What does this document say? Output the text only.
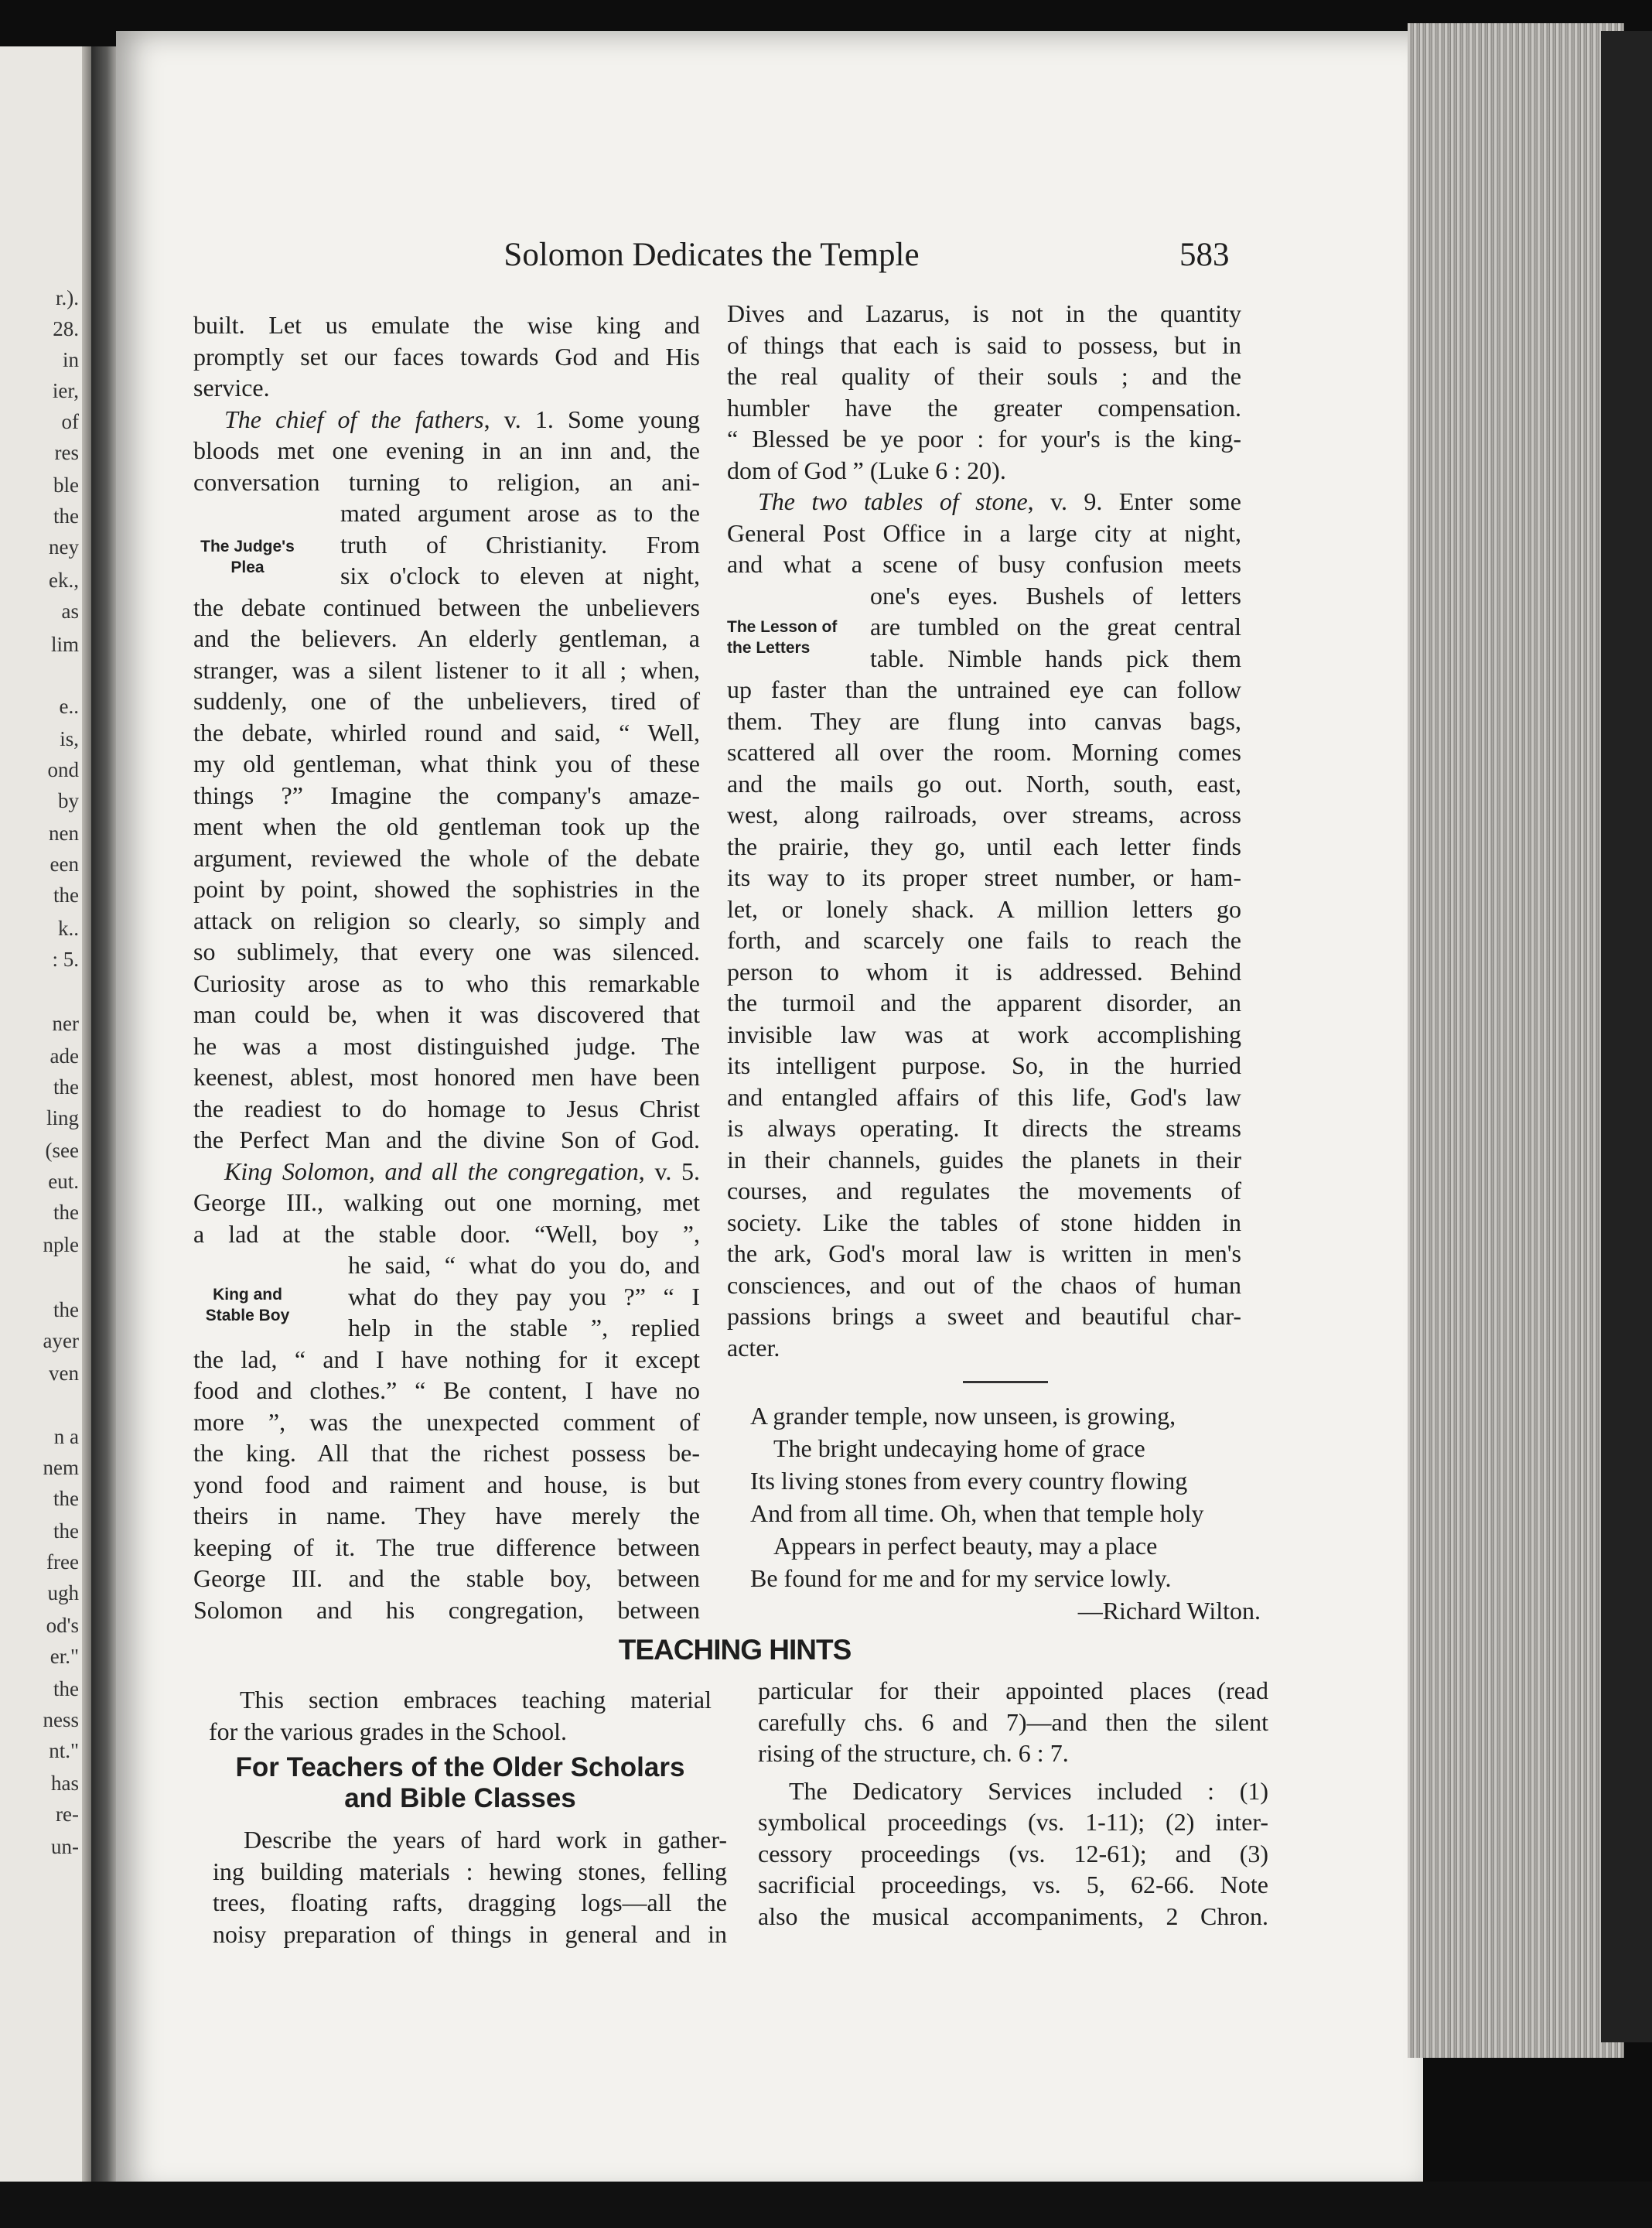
r.).
28.
in
ier,
of
res
ble
the
ney
ek.,
as
lim
e..
is,
ond
by
nen
een
the
k..
: 5.
ner
ade
the
ling
(see
eut.
the
nple
the
ayer
ven
n a
nem
the
the
free
ugh
od's
er."
the
ness
nt."
has
re-
un-
Solomon Dedicates the Temple	583
built. Let us emulate the wise king and
promptly set our faces towards God and His
service.
The chief of the fathers, v. 1. Some young
bloods met one evening in an inn and, the
conversation turning to religion, an ani-
mated argument arose as to the
truth of Christianity. From
six o'clock to eleven at night,
the debate continued between the unbelievers
and the believers. An elderly gentleman, a
stranger, was a silent listener to it all ; when,
suddenly, one of the unbelievers, tired of
the debate, whirled round and said, “ Well,
my old gentleman, what think you of these
things ?” Imagine the company's amaze-
ment when the old gentleman took up the
argument, reviewed the whole of the debate
point by point, showed the sophistries in the
attack on religion so clearly, so simply and
so sublimely, that every one was silenced.
Curiosity arose as to who this remarkable
man could be, when it was discovered that
he was a most distinguished judge. The
keenest, ablest, most honored men have been
the readiest to do homage to Jesus Christ
the Perfect Man and the divine Son of God.
King Solomon, and all the congregation, v. 5.
George III., walking out one morning, met
a lad at the stable door. “Well, boy ”,
he said, “ what do you do, and
what do they pay you ?” “ I
help in the stable ”, replied
the lad, “ and I have nothing for it except
food and clothes.” “ Be content, I have no
more ”, was the unexpected comment of
the king. All that the richest possess be-
yond food and raiment and house, is but
theirs in name. They have merely the
keeping of it. The true difference between
George III. and the stable boy, between
Solomon and his congregation, between
The Judge's
Plea
King and
Stable Boy
Dives and Lazarus, is not in the quantity
of things that each is said to possess, but in
the real quality of their souls ; and the
humbler have the greater compensation.
“ Blessed be ye poor : for your's is the king-
dom of God ” (Luke 6 : 20).
The two tables of stone, v. 9. Enter some
General Post Office in a large city at night,
and what a scene of busy confusion meets
one's eyes. Bushels of letters
are tumbled on the great central
table. Nimble hands pick them
up faster than the untrained eye can follow
them. They are flung into canvas bags,
scattered all over the room. Morning comes
and the mails go out. North, south, east,
west, along railroads, over streams, across
the prairie, they go, until each letter finds
its way to its proper street number, or ham-
let, or lonely shack. A million letters go
forth, and scarcely one fails to reach the
person to whom it is addressed. Behind
the turmoil and the apparent disorder, an
invisible law was at work accomplishing
its intelligent purpose. So, in the hurried
and entangled affairs of this life, God's law
is always operating. It directs the streams
in their channels, guides the planets in their
courses, and regulates the movements of
society. Like the tables of stone hidden in
the ark, God's moral law is written in men's
consciences, and out of the chaos of human
passions brings a sweet and beautiful char-
acter.
The Lesson of
the Letters
A grander temple, now unseen, is growing,
The bright undecaying home of grace
Its living stones from every country flowing
And from all time. Oh, when that temple holy
Appears in perfect beauty, may a place
Be found for me and for my service lowly.
—Richard Wilton.
TEACHING HINTS
This section embraces teaching material
for the various grades in the School.
For Teachers of the Older Scholars
and Bible Classes
Describe the years of hard work in gather-
ing building materials : hewing stones, felling
trees, floating rafts, dragging logs—all the
noisy preparation of things in general and in
particular for their appointed places (read
carefully chs. 6 and 7)—and then the silent
rising of the structure, ch. 6 : 7.
The Dedicatory Services included : (1)
symbolical proceedings (vs. 1-11); (2) inter-
cessory proceedings (vs. 12-61); and (3)
sacrificial proceedings, vs. 5, 62-66. Note
also the musical accompaniments, 2 Chron.
